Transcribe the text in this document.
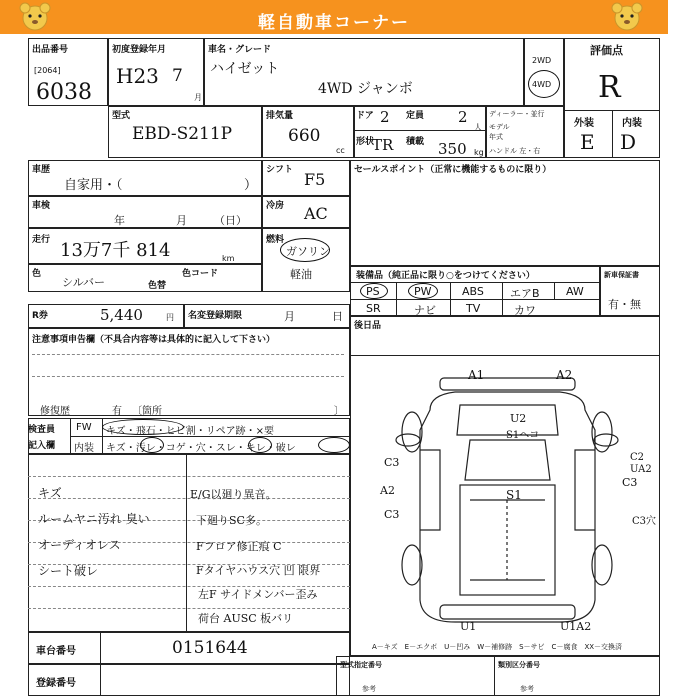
軽自動車コーナー
出品番号
[2064]
6038
初度登録年月
H23 7
月
車名・グレード
ハイゼット
4WD ジャンボ
2WD
4WD
評価点
R
外装	内装
E D
型式
EBD-S211P
排気量
660
cc
ドア 2 定員 2
人
形状
TR 積載 350 kg
ディーラー・並行
モデル
年式
ハンドル 左・右
車歴
自家用・（	）
シフト F5	セールスポイント（正常に機能するものに限り）
車検
年	月 （日）
冷房 AC
走行 13万7千 814	km
燃料
ガソリン
軽油
色
シルバー	色替
色コード	装備品（純正品に限り○をつけてください）
PS	PW	ABS エアB AW
SR	ナビ	TV	カワ
新車保証書
有・無
R券	5,440	円 名変登録期限	月	日
後日品
注意事項申告欄（不具合内容等は具体的に記入して下さい）
修復歴	有 〔箇所	〕
検査員
記入欄
FW キズ・飛石・ヒビ割・リペア跡・×要
内装 キズ・汚レ・コゲ・穴・スレ・キレ・破レ
キズ
ルームヤニ汚れ 臭い
オーディオレス
シート破レ
E/G以廻り異音。
下廻りSC多。
Fフロア修正痕 C
Fタイヤハウス穴 凹 限界
左F サイドメンバー歪み
荷台 AUSC 板バリ
A1	A2
U2
S1ヘコ
C3	C2
UA2
A2	S1
C3
C3
C3穴
U1	U1A2
A－キズ　E－エクボ　U－凹み　W－補修跡　S－サビ　C－腐食　XX－交換済
車台番号	0151644
登録番号
型式指定番号
参考
類別区分番号
参考
